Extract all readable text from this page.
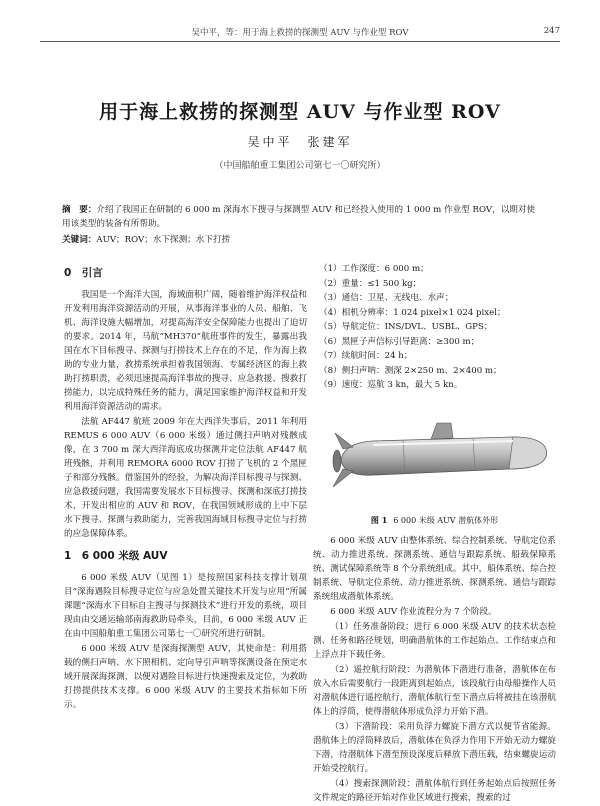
吴中平，等：用于海上救捞的探测型 AUV 与作业型 ROV	247
用于海上救捞的探测型 AUV 与作业型 ROV
吴中平　张建军
（中国船舶重工集团公司第七一〇研究所）
摘　要：介绍了我国正在研制的 6 000 m 深海水下搜寻与探测型 AUV 和已经投入使用的 1 000 m 作业型 ROV，以期对使用该类型的装备有所帮助。
关键词：AUV；ROV；水下探测；水下打捞
0　引言

我国是一个海洋大国，海域面积广阔，随着维护海洋权益和开发利用海洋资源活动的开展，从事海洋事业的人员、船舶、飞机、海洋设施大幅增加，对提高海洋安全保障能力也提出了迫切的要求。2014 年，马航“MH370”航班事件的发生，暴露出我国在水下目标搜寻、探测与打捞技术上存在的不足，作为海上救助的专业力量，救捞系统承担着我国领海、专属经济区的海上救助打捞职责，必须迅速提高海洋事故的搜寻、应急救援、搜救打捞能力，以完成特殊任务的能力，满足国家维护海洋权益和开发利用海洋资源活动的需求。

法航 AF447 航班 2009 年在大西洋失事后，2011 年利用 REMUS 6 000 AUV（6 000 米级）通过侧扫声呐对残骸成像，在 3 700 m 深大西洋海底成功探测并定位法航 AF447 航班残骸，并利用 REMORA 6000 ROV 打捞了飞机的 2 个黑匣子和部分残骸。借鉴国外的经验，为解决海洋目标搜寻与探测、应急救援问题，我国需要发展水下目标搜寻、探测和深底打捞技术，开发出相应的 AUV 和 ROV，在我国领域形成的上中下层水下搜寻、探测与救助能力，完善我国海域目标搜寻定位与打捞的应急保障体系。

1　6 000 米级 AUV

6 000 米级 AUV（见图 1）是按照国家科技支撑计划项目“深海遇险目标搜寻定位与应急处置关键技术开发与应用”所属课题“深海水下目标自主搜寻与探测技术”进行开发的系统，项目现由由交通运输部南海救助局牵头，目前，6 000 米级 AUV 正在由中国船舶重工集团公司第七一〇研究所进行研制。

6 000 米级 AUV 是深海探测型 AUV，其使命是：利用搭载的侧扫声呐、水下照相机、定向导引声呐等探测设备在预定水域开展深海探测，以便对遇险目标进行快速搜索及定位，为救助打捞提供技术支撑。6 000 米级 AUV 的主要技术指标如下所示。

（1）工作深度：6 000 m；
（2）重量：≤1 500 kg；
（3）通信：卫星、无线电、水声；
（4）相机分辨率：1 024 pixel×1 024 pixel；
（5）导航定位：INS/DVL、USBL、GPS；
（6）黑匣子声信标引导距离：≥300 m；
（7）续航时间：24 h；
（8）侧扫声呐：测深 2×250 m、2×400 m；
（9）速度：巡航 3 kn，最大 5 kn。
图 1 6 000 米级 AUV 潜航体外形

6 000 米级 AUV 由整体系统、综合控制系统、导航定位系统、动力推进系统、探测系统、通信与跟踪系统、船载保障系统、测试保障系统等 8 个分系统组成。其中，船体系统、综合控制系统、导航定位系统、动力推进系统、探测系统、通信与跟踪系统组成潜航体系统。

6 000 米级 AUV 作业流程分为 7 个阶段。

（1）任务准备阶段：进行 6 000 米级 AUV 的技术状态检测、任务和路径规划，明确潜航体的工作起始点、工作结束点和上浮点并下载任务。

（2）遥控航行阶段：为潜航体下潜进行准备，潜航体在布放入水后需要航行一段距离到起始点，该段航行由母船操作人员对潜航体进行遥控航行，潜航体航行至下潜点后将被挂在该潜航体上的浮筒，使得潜航体形成负浮力开始下潜。

（3）下潜阶段：采用负浮力螺旋下潜方式以便节省能源。潜航体上的浮筒释放后，潜航体在负浮力作用下开始无动力螺旋下潜，待潜航体下潜至预设深度后释放下潜压载，结束螺旋运动开始受控航行。

（4）搜索探测阶段：潜航体航行到任务起始点后按照任务文件规定的路径开始对作业区域进行搜索，搜索的过
